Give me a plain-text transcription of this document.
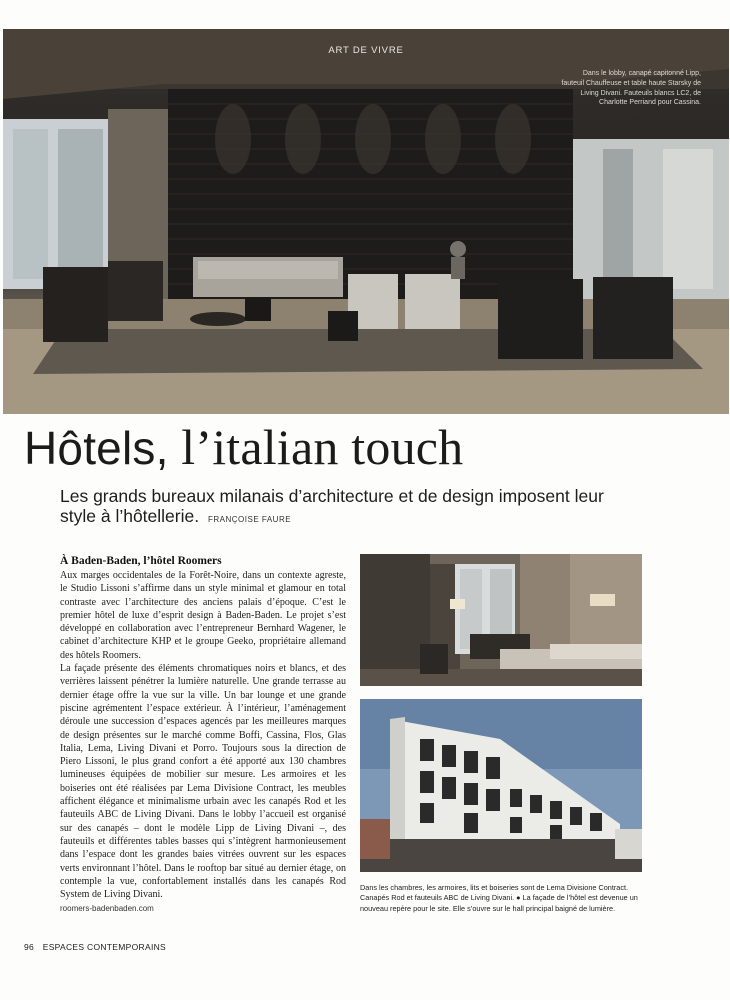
ART DE VIVRE
Dans le lobby, canapé capitonné Lipp, fauteuil Chauffeuse et table haute Starsky de Living Divani. Fauteuils blancs LC2, de Charlotte Perriand pour Cassina.
Hôtels, l’italian touch
Les grands bureaux milanais d’architecture et de design imposent leur style à l’hôtellerie. FRANÇOISE FAURE
À Baden-Baden, l’hôtel Roomers

Aux marges occidentales de la Forêt-Noire, dans un contexte agreste, le Studio Lissoni s’affirme dans un style minimal et glamour en total contraste avec l’architecture des anciens palais d’époque. C’est le premier hôtel de luxe d’esprit design à Baden-Baden. Le projet s’est développé en collaboration avec l’entrepreneur Bernhard Wagener, le cabinet d’architecture KHP et le groupe Geeko, propriétaire allemand des hôtels Roomers.

La façade présente des éléments chromatiques noirs et blancs, et des verrières laissent pénétrer la lumière naturelle. Une grande terrasse au dernier étage offre la vue sur la ville. Un bar lounge et une grande piscine agrémentent l’espace extérieur. À l’intérieur, l’aménagement déroule une succession d’espaces agencés par les meilleures marques de design présentes sur le marché comme Boffi, Cassina, Flos, Glas Italia, Lema, Living Divani et Porro. Toujours sous la direction de Piero Lissoni, le plus grand confort a été apporté aux 130 chambres lumineuses équipées de mobilier sur mesure. Les armoires et les boiseries ont été réalisées par Lema Divisione Contract, les meubles affichent élégance et minimalisme urbain avec les canapés Rod et les fauteuils ABC de Living Divani. Dans le lobby l’accueil est organisé sur des canapés – dont le modèle Lipp de Living Divani –, des fauteuils et différentes tables basses qui s’intègrent harmonieusement dans l’espace dont les grandes baies vitrées ouvrent sur les espaces verts environnant l’hôtel. Dans le rooftop bar situé au dernier étage, on contemple la vue, confortablement installés dans les canapés Rod System de Living Divani.

roomers-badenbaden.com
Dans les chambres, les armoires, lits et boiseries sont de Lema Divisione Contract. Canapés Rod et fauteuils ABC de Living Divani. ● La façade de l’hôtel est devenue un nouveau repère pour le site. Elle s’ouvre sur le hall principal baigné de lumière.
96 ESPACES CONTEMPORAINS
